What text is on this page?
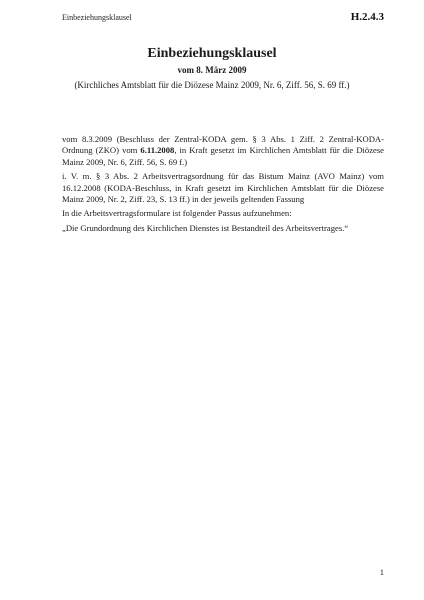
Einbeziehungsklausel	H.2.4.3

Einbeziehungsklausel

vom 8. März 2009

(Kirchliches Amtsblatt für die Diözese Mainz 2009, Nr. 6, Ziff. 56, S. 69 ff.)

vom 8.3.2009 (Beschluss der Zentral-KODA gem. § 3 Abs. 1 Ziff. 2 Zentral-KODA-Ordnung (ZKO) vom 6.11.2008, in Kraft gesetzt im Kirchlichen Amtsblatt für die Diözese Mainz 2009, Nr. 6, Ziff. 56, S. 69 f.)

i. V. m. § 3 Abs. 2 Arbeitsvertragsordnung für das Bistum Mainz (AVO Mainz) vom 16.12.2008 (KODA-Beschluss, in Kraft gesetzt im Kirchlichen Amtsblatt für die Diözese Mainz 2009, Nr. 2, Ziff. 23, S. 13 ff.) in der jeweils geltenden Fassung

In die Arbeitsvertragsformulare ist folgender Passus aufzunehmen:

„Die Grundordnung des Kirchlichen Dienstes ist Bestandteil des Arbeitsvertrages.“

1
